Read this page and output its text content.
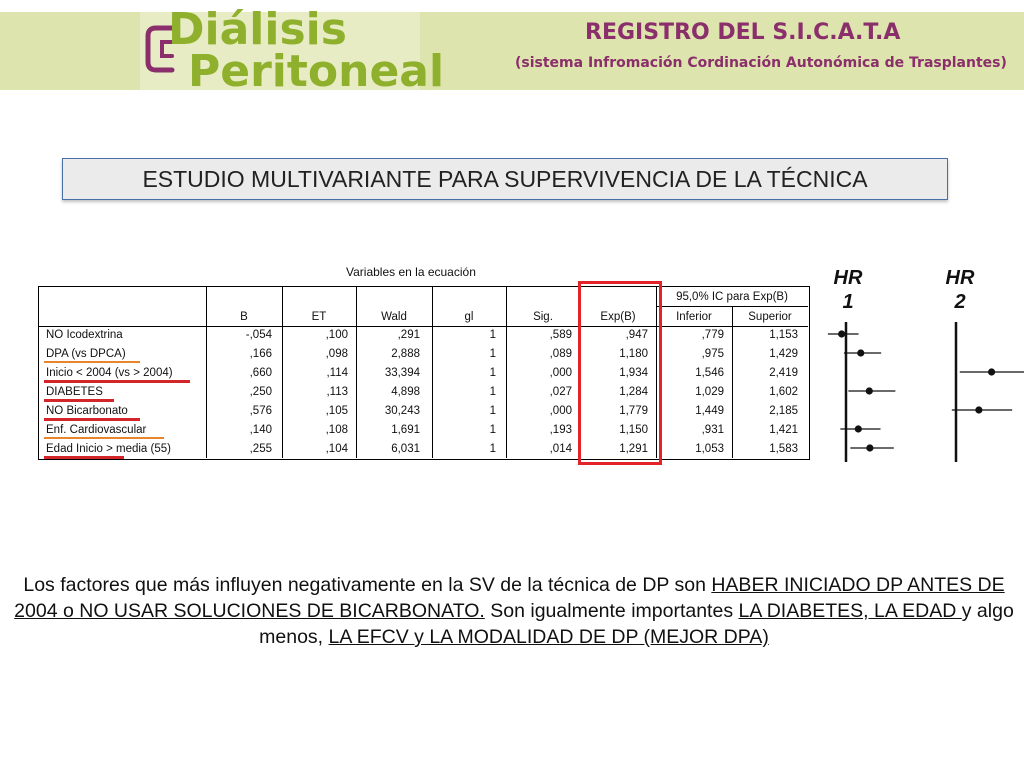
Diálisis
Peritoneal
REGISTRO DEL S.I.C.A.T.A
(sistema Infromación Cordinación Autonómica de Trasplantes)
ESTUDIO MULTIVARIANTE PARA SUPERVIVENCIA DE LA TÉCNICA
Variables en la ecuación
95,0% IC para Exp(B)
B	ET	Wald	gl	Sig.	Exp(B)	Inferior	Superior
NO Icodextrina	-,054	,100	,291	1	,589	,947	,779	1,153
DPA (vs DPCA)	,166	,098	2,888	1	,089	1,180	,975	1,429
Inicio < 2004 (vs > 2004)	,660	,114	33,394	1	,000	1,934	1,546	2,419
DIABETES	,250	,113	4,898	1	,027	1,284	1,029	1,602
NO Bicarbonato	,576	,105	30,243	1	,000	1,779	1,449	2,185
Enf. Cardiovascular	,140	,108	1,691	1	,193	1,150	,931	1,421
Edad Inicio > media (55)	,255	,104	6,031	1	,014	1,291	1,053	1,583
HR
1
HR
2
Los factores que más influyen negativamente en la SV de la técnica de DP son HABER INICIADO DP ANTES DE 2004 o NO USAR SOLUCIONES DE BICARBONATO. Son igualmente importantes LA DIABETES, LA EDAD y algo menos, LA EFCV y LA MODALIDAD DE DP (MEJOR DPA)
